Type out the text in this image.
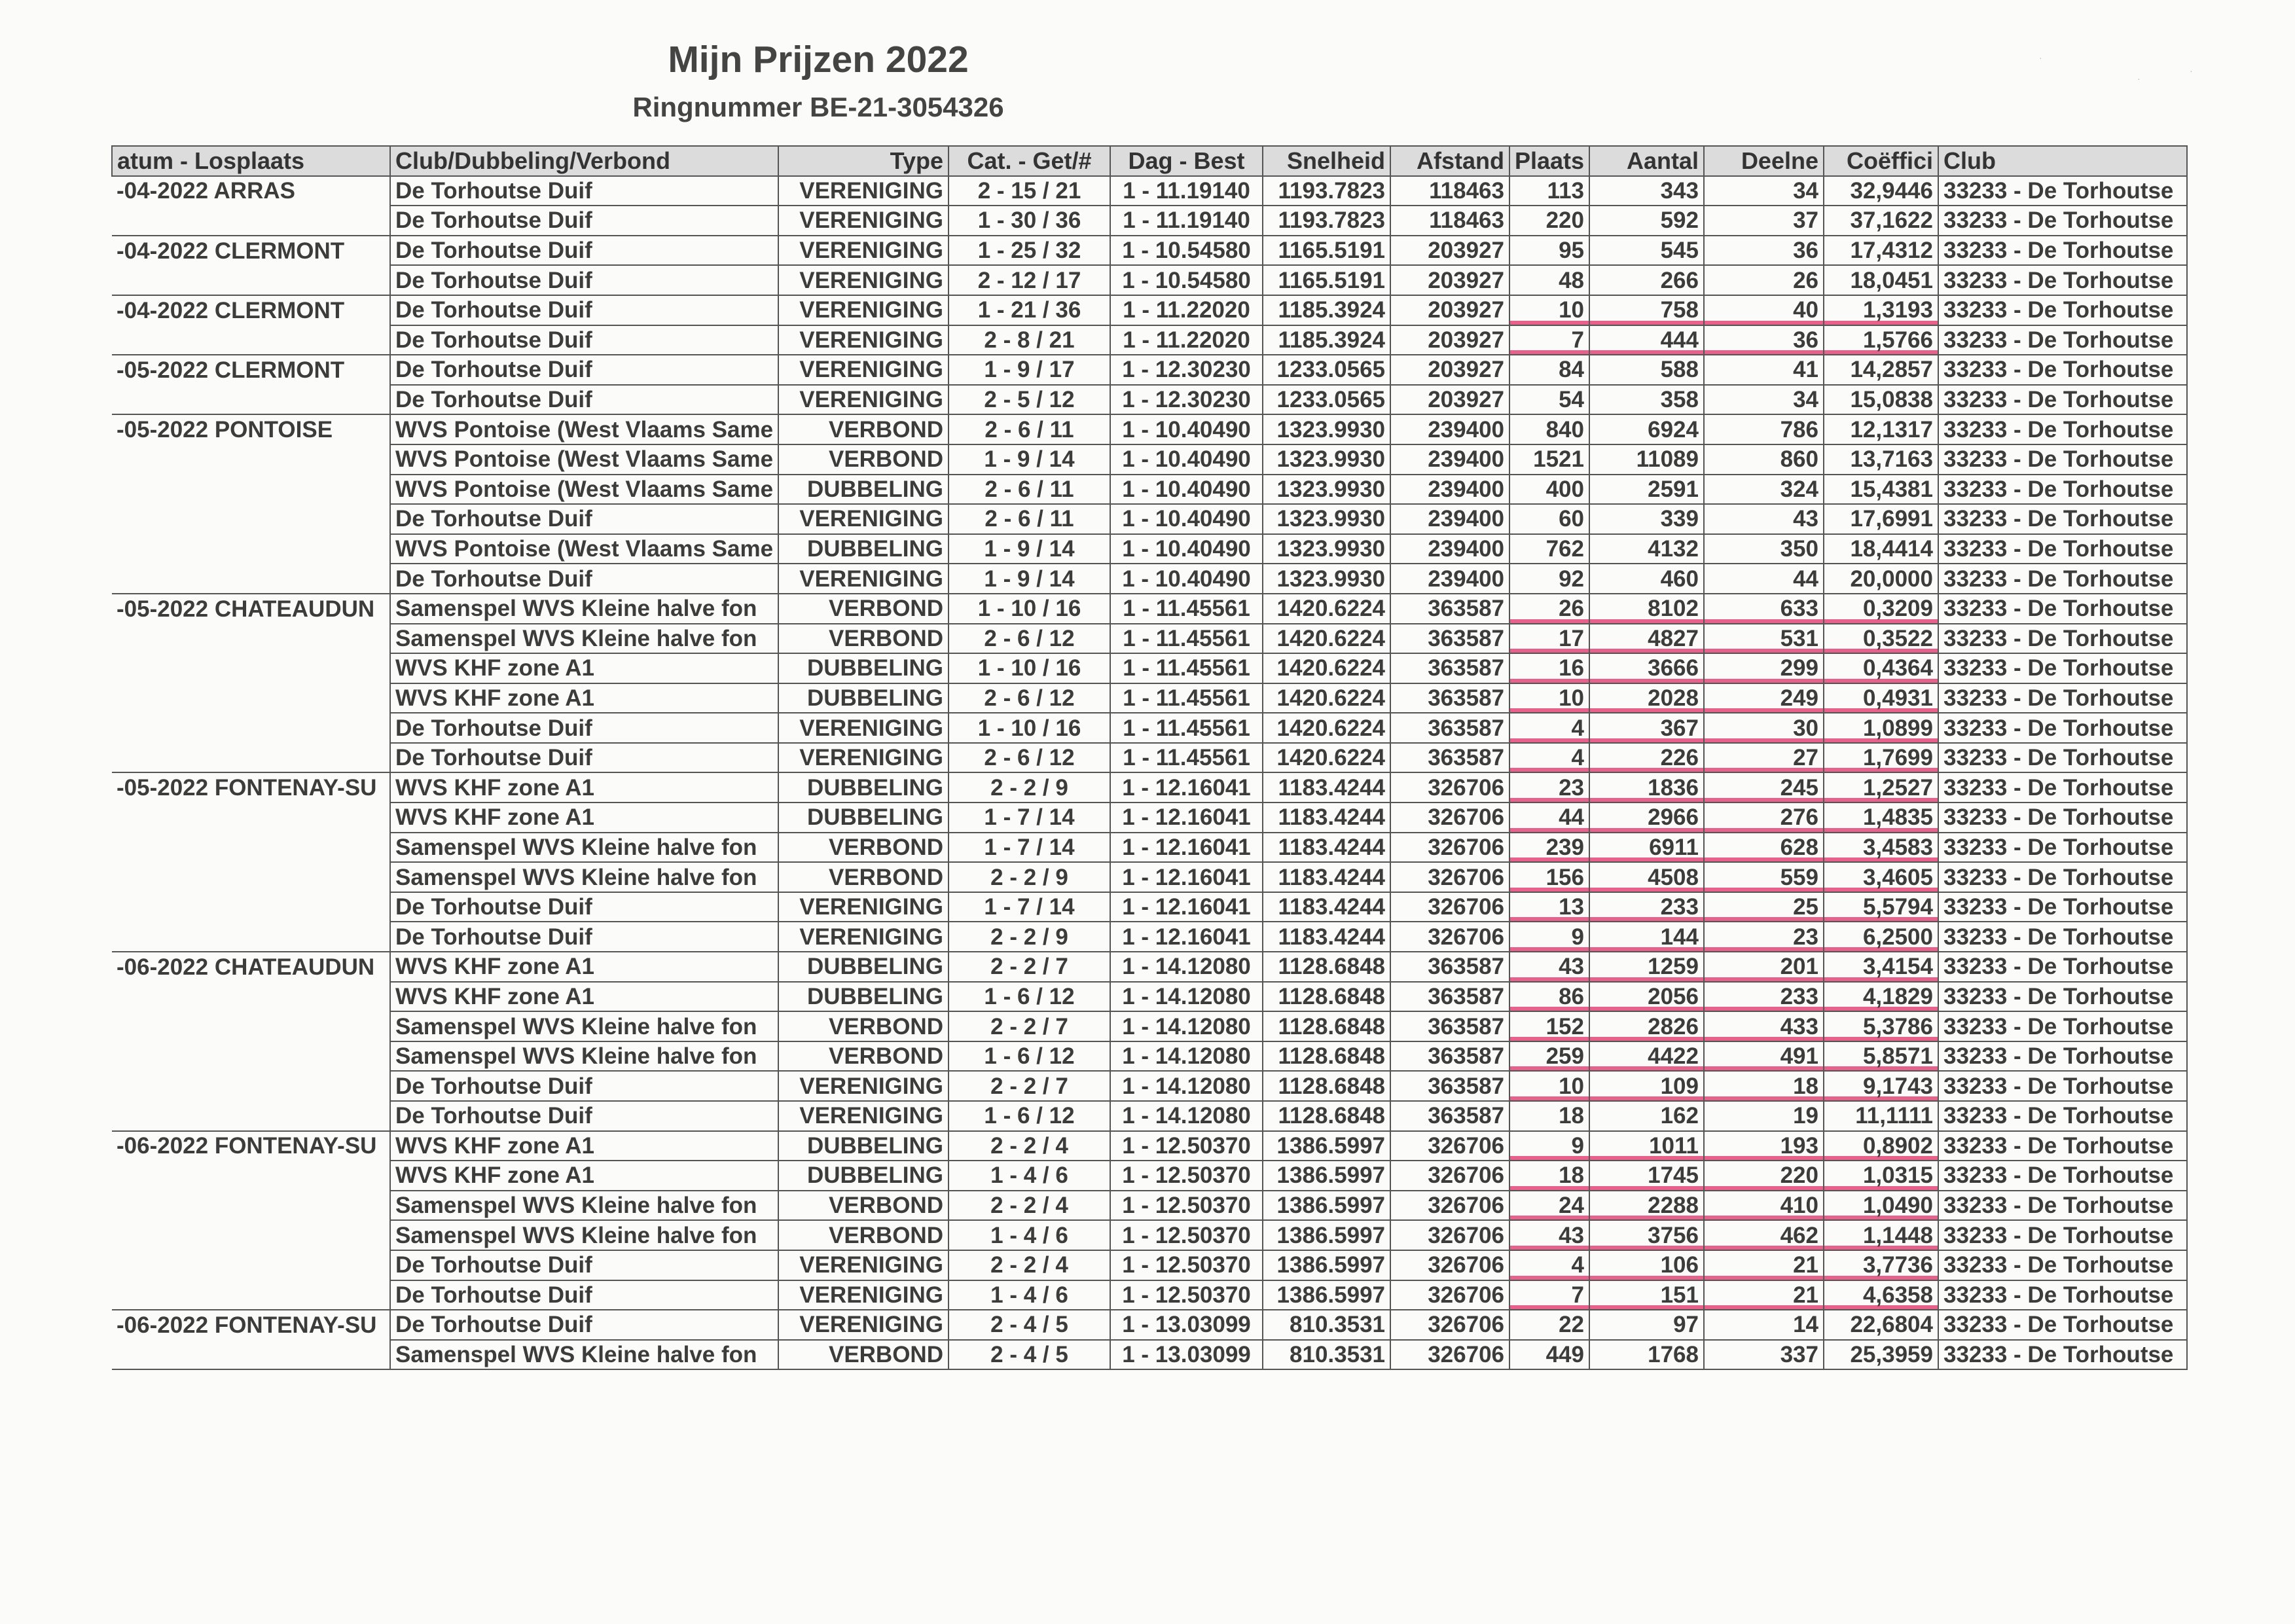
Mijn Prijzen 2022
Ringnummer BE-21-3054326
·
·
·
atum - Losplaats	Club/Dubbeling/Verbond	Type	Cat. - Get/#	Dag - Best	Snelheid	Afstand	Plaats	Aantal	Deelne	Coëffici	Club
-04-2022 ARRAS	De Torhoutse Duif	VERENIGING	2 - 15 / 21	1 - 11.19140	1193.7823	118463	113	343	34	32,9446	33233 - De Torhoutse
	De Torhoutse Duif	VERENIGING	1 - 30 / 36	1 - 11.19140	1193.7823	118463	220	592	37	37,1622	33233 - De Torhoutse
-04-2022 CLERMONT	De Torhoutse Duif	VERENIGING	1 - 25 / 32	1 - 10.54580	1165.5191	203927	95	545	36	17,4312	33233 - De Torhoutse
	De Torhoutse Duif	VERENIGING	2 - 12 / 17	1 - 10.54580	1165.5191	203927	48	266	26	18,0451	33233 - De Torhoutse
-04-2022 CLERMONT	De Torhoutse Duif	VERENIGING	1 - 21 / 36	1 - 11.22020	1185.3924	203927	10	758	40	1,3193	33233 - De Torhoutse
	De Torhoutse Duif	VERENIGING	2 - 8 / 21	1 - 11.22020	1185.3924	203927	7	444	36	1,5766	33233 - De Torhoutse
-05-2022 CLERMONT	De Torhoutse Duif	VERENIGING	1 - 9 / 17	1 - 12.30230	1233.0565	203927	84	588	41	14,2857	33233 - De Torhoutse
	De Torhoutse Duif	VERENIGING	2 - 5 / 12	1 - 12.30230	1233.0565	203927	54	358	34	15,0838	33233 - De Torhoutse
-05-2022 PONTOISE	WVS Pontoise (West Vlaams Same	VERBOND	2 - 6 / 11	1 - 10.40490	1323.9930	239400	840	6924	786	12,1317	33233 - De Torhoutse
	WVS Pontoise (West Vlaams Same	VERBOND	1 - 9 / 14	1 - 10.40490	1323.9930	239400	1521	11089	860	13,7163	33233 - De Torhoutse
	WVS Pontoise (West Vlaams Same	DUBBELING	2 - 6 / 11	1 - 10.40490	1323.9930	239400	400	2591	324	15,4381	33233 - De Torhoutse
	De Torhoutse Duif	VERENIGING	2 - 6 / 11	1 - 10.40490	1323.9930	239400	60	339	43	17,6991	33233 - De Torhoutse
	WVS Pontoise (West Vlaams Same	DUBBELING	1 - 9 / 14	1 - 10.40490	1323.9930	239400	762	4132	350	18,4414	33233 - De Torhoutse
	De Torhoutse Duif	VERENIGING	1 - 9 / 14	1 - 10.40490	1323.9930	239400	92	460	44	20,0000	33233 - De Torhoutse
-05-2022 CHATEAUDUN	Samenspel WVS Kleine halve fon	VERBOND	1 - 10 / 16	1 - 11.45561	1420.6224	363587	26	8102	633	0,3209	33233 - De Torhoutse
	Samenspel WVS Kleine halve fon	VERBOND	2 - 6 / 12	1 - 11.45561	1420.6224	363587	17	4827	531	0,3522	33233 - De Torhoutse
	WVS KHF zone A1	DUBBELING	1 - 10 / 16	1 - 11.45561	1420.6224	363587	16	3666	299	0,4364	33233 - De Torhoutse
	WVS KHF zone A1	DUBBELING	2 - 6 / 12	1 - 11.45561	1420.6224	363587	10	2028	249	0,4931	33233 - De Torhoutse
	De Torhoutse Duif	VERENIGING	1 - 10 / 16	1 - 11.45561	1420.6224	363587	4	367	30	1,0899	33233 - De Torhoutse
	De Torhoutse Duif	VERENIGING	2 - 6 / 12	1 - 11.45561	1420.6224	363587	4	226	27	1,7699	33233 - De Torhoutse
-05-2022 FONTENAY-SU	WVS KHF zone A1	DUBBELING	2 - 2 / 9	1 - 12.16041	1183.4244	326706	23	1836	245	1,2527	33233 - De Torhoutse
	WVS KHF zone A1	DUBBELING	1 - 7 / 14	1 - 12.16041	1183.4244	326706	44	2966	276	1,4835	33233 - De Torhoutse
	Samenspel WVS Kleine halve fon	VERBOND	1 - 7 / 14	1 - 12.16041	1183.4244	326706	239	6911	628	3,4583	33233 - De Torhoutse
	Samenspel WVS Kleine halve fon	VERBOND	2 - 2 / 9	1 - 12.16041	1183.4244	326706	156	4508	559	3,4605	33233 - De Torhoutse
	De Torhoutse Duif	VERENIGING	1 - 7 / 14	1 - 12.16041	1183.4244	326706	13	233	25	5,5794	33233 - De Torhoutse
	De Torhoutse Duif	VERENIGING	2 - 2 / 9	1 - 12.16041	1183.4244	326706	9	144	23	6,2500	33233 - De Torhoutse
-06-2022 CHATEAUDUN	WVS KHF zone A1	DUBBELING	2 - 2 / 7	1 - 14.12080	1128.6848	363587	43	1259	201	3,4154	33233 - De Torhoutse
	WVS KHF zone A1	DUBBELING	1 - 6 / 12	1 - 14.12080	1128.6848	363587	86	2056	233	4,1829	33233 - De Torhoutse
	Samenspel WVS Kleine halve fon	VERBOND	2 - 2 / 7	1 - 14.12080	1128.6848	363587	152	2826	433	5,3786	33233 - De Torhoutse
	Samenspel WVS Kleine halve fon	VERBOND	1 - 6 / 12	1 - 14.12080	1128.6848	363587	259	4422	491	5,8571	33233 - De Torhoutse
	De Torhoutse Duif	VERENIGING	2 - 2 / 7	1 - 14.12080	1128.6848	363587	10	109	18	9,1743	33233 - De Torhoutse
	De Torhoutse Duif	VERENIGING	1 - 6 / 12	1 - 14.12080	1128.6848	363587	18	162	19	11,1111	33233 - De Torhoutse
-06-2022 FONTENAY-SU	WVS KHF zone A1	DUBBELING	2 - 2 / 4	1 - 12.50370	1386.5997	326706	9	1011	193	0,8902	33233 - De Torhoutse
	WVS KHF zone A1	DUBBELING	1 - 4 / 6	1 - 12.50370	1386.5997	326706	18	1745	220	1,0315	33233 - De Torhoutse
	Samenspel WVS Kleine halve fon	VERBOND	2 - 2 / 4	1 - 12.50370	1386.5997	326706	24	2288	410	1,0490	33233 - De Torhoutse
	Samenspel WVS Kleine halve fon	VERBOND	1 - 4 / 6	1 - 12.50370	1386.5997	326706	43	3756	462	1,1448	33233 - De Torhoutse
	De Torhoutse Duif	VERENIGING	2 - 2 / 4	1 - 12.50370	1386.5997	326706	4	106	21	3,7736	33233 - De Torhoutse
	De Torhoutse Duif	VERENIGING	1 - 4 / 6	1 - 12.50370	1386.5997	326706	7	151	21	4,6358	33233 - De Torhoutse
-06-2022 FONTENAY-SU	De Torhoutse Duif	VERENIGING	2 - 4 / 5	1 - 13.03099	810.3531	326706	22	97	14	22,6804	33233 - De Torhoutse
	Samenspel WVS Kleine halve fon	VERBOND	2 - 4 / 5	1 - 13.03099	810.3531	326706	449	1768	337	25,3959	33233 - De Torhoutse
